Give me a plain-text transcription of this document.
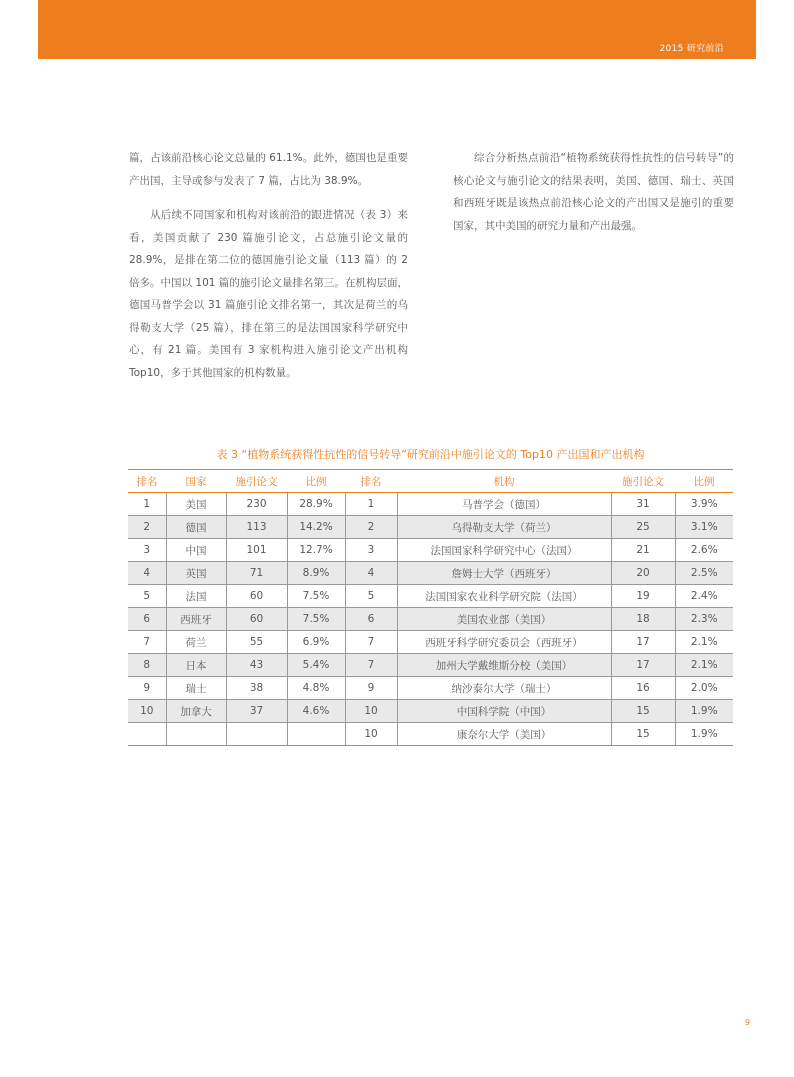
2015 研究前沿

篇，占该前沿核心论文总量的 61.1%。此外，德国也是重要产出国，主导或参与发表了 7 篇，占比为 38.9%。

从后续不同国家和机构对该前沿的跟进情况（表 3）来看，美国贡献了 230 篇施引论文，占总施引论文量的 28.9%，是排在第二位的德国施引论文量（113 篇）的 2 倍多。中国以 101 篇的施引论文量排名第三。在机构层面，德国马普学会以 31 篇施引论文排名第一，其次是荷兰的乌得勒支大学（25 篇），排在第三的是法国国家科学研究中心，有 21 篇。美国有 3 家机构进入施引论文产出机构 Top10，多于其他国家的机构数量。

综合分析热点前沿“植物系统获得性抗性的信号转导”的核心论文与施引论文的结果表明，美国、德国、瑞士、英国和西班牙既是该热点前沿核心论文的产出国又是施引的重要国家，其中美国的研究力量和产出最强。

表 3 “植物系统获得性抗性的信号转导”研究前沿中施引论文的 Top10 产出国和产出机构
排名	国家	施引论文	比例	排名	机构	施引论文	比例
1	美国	230	28.9%	1	马普学会（德国）	31	3.9%
2	德国	113	14.2%	2	乌得勒支大学（荷兰）	25	3.1%
3	中国	101	12.7%	3	法国国家科学研究中心（法国）	21	2.6%
4	英国	71	8.9%	4	詹姆士大学（西班牙）	20	2.5%
5	法国	60	7.5%	5	法国国家农业科学研究院（法国）	19	2.4%
6	西班牙	60	7.5%	6	美国农业部（美国）	18	2.3%
7	荷兰	55	6.9%	7	西班牙科学研究委员会（西班牙）	17	2.1%
8	日本	43	5.4%	7	加州大学戴维斯分校（美国）	17	2.1%
9	瑞士	38	4.8%	9	纳沙泰尔大学（瑞士）	16	2.0%
10	加拿大	37	4.6%	10	中国科学院（中国）	15	1.9%
				10	康奈尔大学（美国）	15	1.9%
9
